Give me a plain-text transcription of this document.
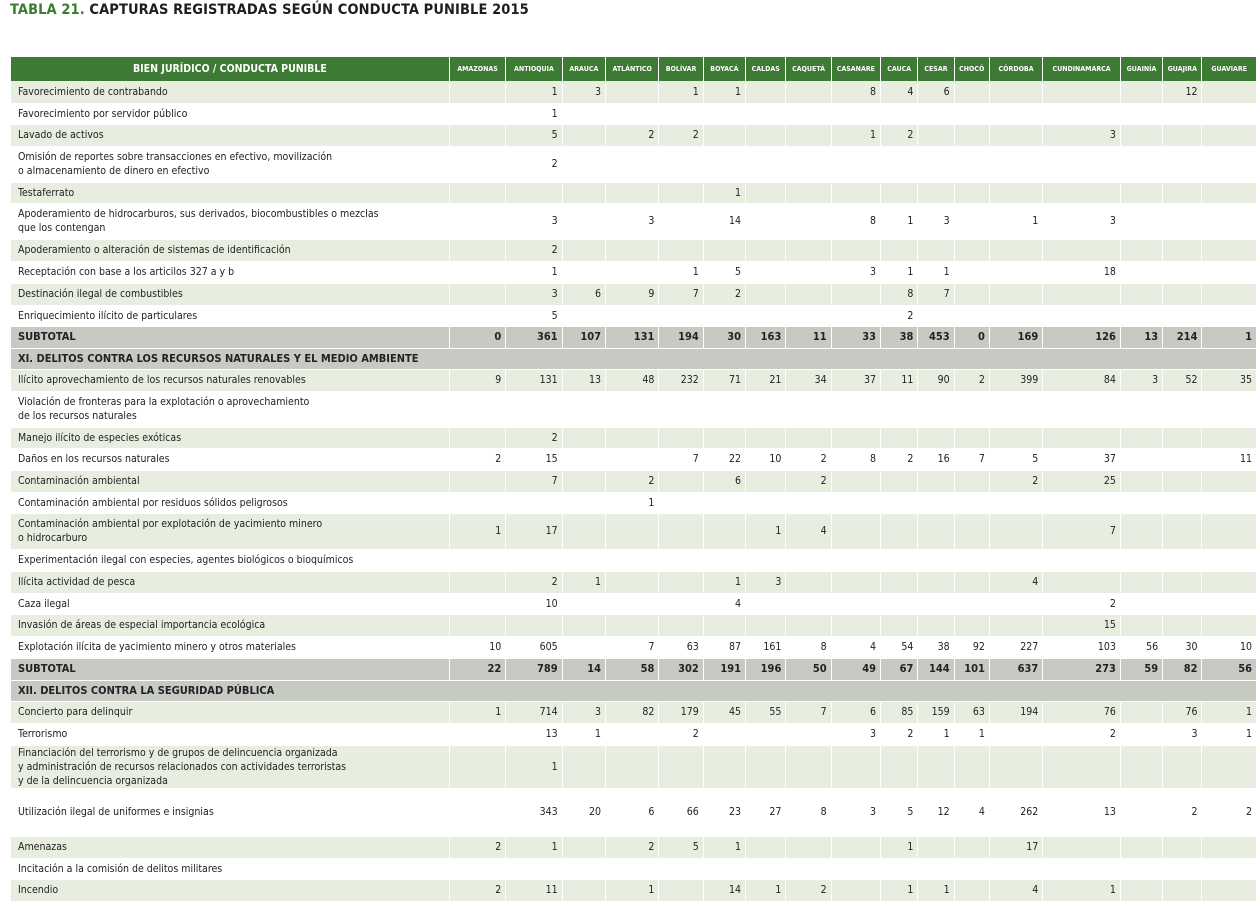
TABLA 21. CAPTURAS REGISTRADAS SEGÚN CONDUCTA PUNIBLE 2015
BIEN JURÍDICO / CONDUCTA PUNIBLE	AMAZONAS	ANTIOQUIA	ARAUCA	ATLÁNTICO	BOLÍVAR	BOYACÁ	CALDAS	CAQUETÁ	CASANARE	CAUCA	CESAR	CHOCÓ	CÓRDOBA	CUNDINAMARCA	GUAINÍA	GUAJIRA	GUAVIARE
Favorecimiento de contrabando		1	3		1	1			8	4	6					12	
Favorecimiento por servidor público		1															
Lavado de activos		5		2	2				1	2				3			
Omisión de reportes sobre transacciones en efectivo, movilización
o almacenamiento de dinero en efectivo		2															
Testaferrato						1											
Apoderamiento de hidrocarburos, sus derivados, biocombustibles o mezclas
que los contengan		3		3		14			8	1	3		1	3			
Apoderamiento o alteración de sistemas de identificación		2															
Receptación con base a los articilos 327 a y b		1			1	5			3	1	1			18			
Destinación ilegal de combustibles		3	6	9	7	2				8	7						
Enriquecimiento ilícito de particulares		5								2							
SUBTOTAL	0	361	107	131	194	30	163	11	33	38	453	0	169	126	13	214	1
XI. DELITOS CONTRA LOS RECURSOS NATURALES Y EL MEDIO AMBIENTE																	
Ilícito aprovechamiento de los recursos naturales renovables	9	131	13	48	232	71	21	34	37	11	90	2	399	84	3	52	35
Violación de fronteras para la explotación o aprovechamiento
de los recursos naturales																	
Manejo ilícito de especies exóticas		2															
Daños en los recursos naturales	2	15			7	22	10	2	8	2	16	7	5	37			11
Contaminación ambiental		7		2		6		2					2	25			
Contaminación ambiental por residuos sólidos peligrosos				1													
Contaminación ambiental por explotación de yacimiento minero
o hidrocarburo	1	17					1	4						7			
Experimentación ilegal con especies, agentes biológicos o bioquímicos																	
Ilícita actividad de pesca		2	1			1	3						4				
Caza ilegal		10				4								2			
Invasión de áreas de especial importancia ecológica														15			
Explotación ilícita de yacimiento minero y otros materiales	10	605		7	63	87	161	8	4	54	38	92	227	103	56	30	10
SUBTOTAL	22	789	14	58	302	191	196	50	49	67	144	101	637	273	59	82	56
XII. DELITOS CONTRA LA SEGURIDAD PÚBLICA																	
Concierto para delinquir	1	714	3	82	179	45	55	7	6	85	159	63	194	76		76	1
Terrorismo		13	1		2				3	2	1	1		2		3	1
Financiación del terrorismo y de grupos de delincuencia organizada
y administración de recursos relacionados con actividades terroristas
y de la delincuencia organizada		1															
Utilización ilegal de uniformes e insignias		343	20	6	66	23	27	8	3	5	12	4	262	13		2	2
Amenazas	2	1		2	5	1				1			17				
Incitación a la comisión de delitos militares																	
Incendio	2	11		1		14	1	2		1	1		4	1			
